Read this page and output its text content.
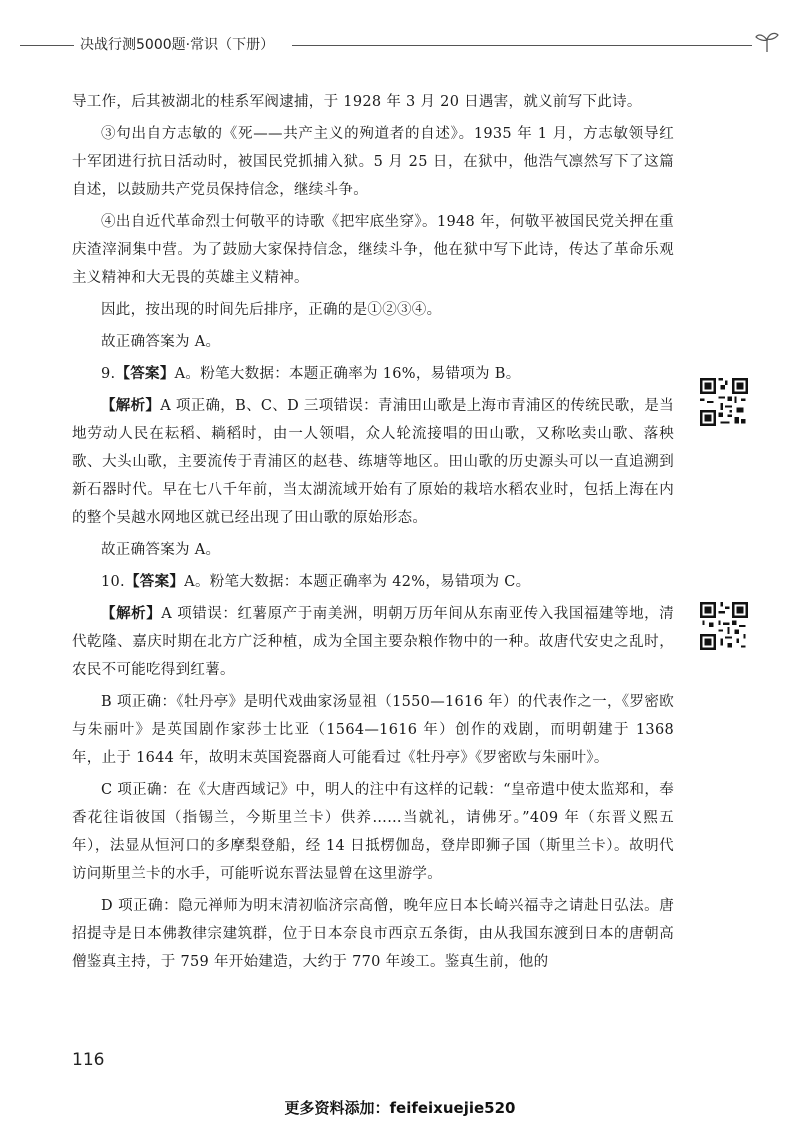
决战行测5000题·常识（下册）

导工作，后其被湖北的桂系军阀逮捕，于 1928 年 3 月 20 日遇害，就义前写下此诗。

③句出自方志敏的《死——共产主义的殉道者的自述》。1935 年 1 月，方志敏领导红十军团进行抗日活动时，被国民党抓捕入狱。5 月 25 日，在狱中，他浩气凛然写下了这篇自述，以鼓励共产党员保持信念，继续斗争。

④出自近代革命烈士何敬平的诗歌《把牢底坐穿》。1948 年，何敬平被国民党关押在重庆渣滓洞集中营。为了鼓励大家保持信念，继续斗争，他在狱中写下此诗，传达了革命乐观主义精神和大无畏的英雄主义精神。

因此，按出现的时间先后排序，正确的是①②③④。

故正确答案为 A。

9.【答案】A。粉笔大数据：本题正确率为 16%，易错项为 B。

【解析】A 项正确，B、C、D 三项错误：青浦田山歌是上海市青浦区的传统民歌，是当地劳动人民在耘稻、耥稻时，由一人领唱，众人轮流接唱的田山歌，又称吆卖山歌、落秧歌、大头山歌，主要流传于青浦区的赵巷、练塘等地区。田山歌的历史源头可以一直追溯到新石器时代。早在七八千年前，当太湖流域开始有了原始的栽培水稻农业时，包括上海在内的整个吴越水网地区就已经出现了田山歌的原始形态。

故正确答案为 A。

10.【答案】A。粉笔大数据：本题正确率为 42%，易错项为 C。

【解析】A 项错误：红薯原产于南美洲，明朝万历年间从东南亚传入我国福建等地，清代乾隆、嘉庆时期在北方广泛种植，成为全国主要杂粮作物中的一种。故唐代安史之乱时，农民不可能吃得到红薯。

B 项正确：《牡丹亭》是明代戏曲家汤显祖（1550—1616 年）的代表作之一，《罗密欧与朱丽叶》是英国剧作家莎士比亚（1564—1616 年）创作的戏剧，而明朝建于 1368 年，止于 1644 年，故明末英国瓷器商人可能看过《牡丹亭》《罗密欧与朱丽叶》。

C 项正确：在《大唐西域记》中，明人的注中有这样的记载：“皇帝遣中使太监郑和，奉香花往诣彼国（指锡兰，今斯里兰卡）供养……当就礼，请佛牙。”409 年（东晋义熙五年），法显从恒河口的多摩梨登船，经 14 日抵楞伽岛，登岸即狮子国（斯里兰卡）。故明代访问斯里兰卡的水手，可能听说东晋法显曾在这里游学。

D 项正确：隐元禅师为明末清初临济宗高僧，晚年应日本长崎兴福寺之请赴日弘法。唐招提寺是日本佛教律宗建筑群，位于日本奈良市西京五条街，由从我国东渡到日本的唐朝高僧鉴真主持，于 759 年开始建造，大约于 770 年竣工。鉴真生前，他的

116
更多资料添加：feifeixuejie520
